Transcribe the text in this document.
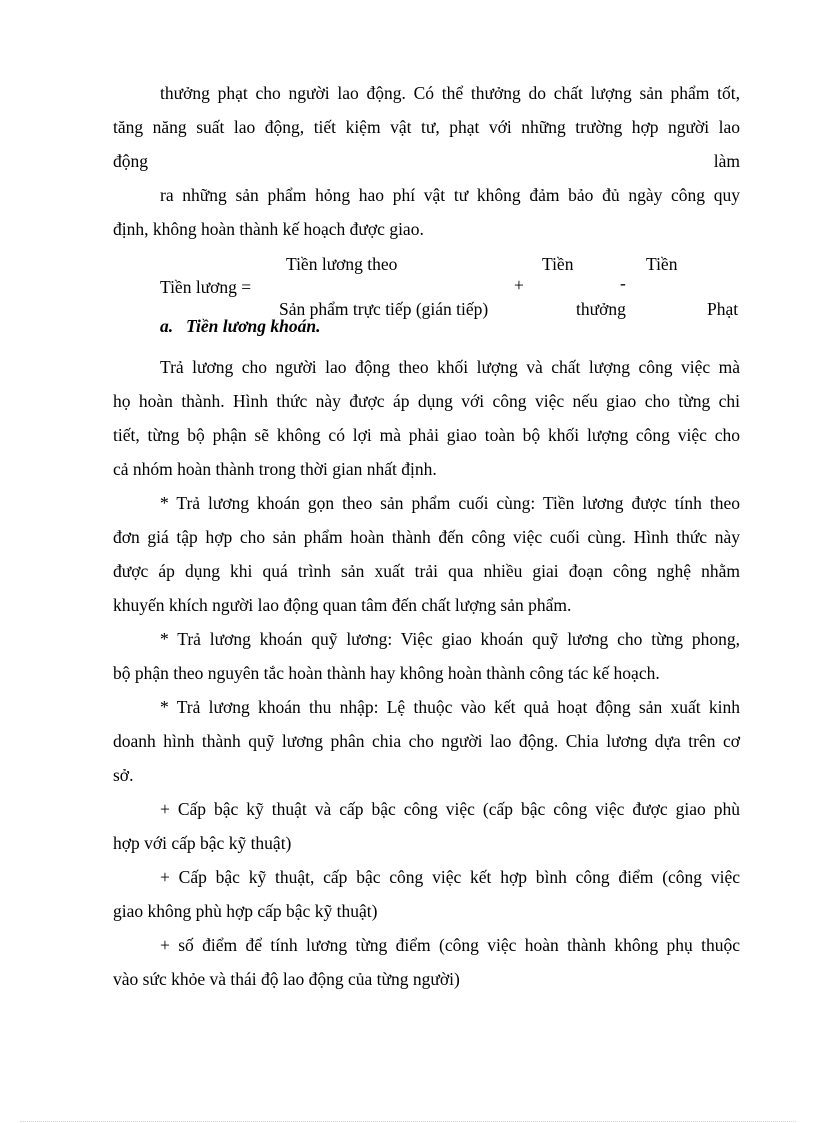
thưởng phạt cho người lao động. Có thể thưởng do chất lượng sản phẩm tốt,
tăng năng suất lao động, tiết kiệm vật tư, phạt với những trường hợp người lao
động	làm
ra những sản phẩm hỏng hao phí vật tư không đảm bảo đủ ngày công quy
định, không hoàn thành kế hoạch được giao.
Tiền lương theo	Tiền	Tiền
Tiền lương =	+	-
Sản phẩm trực tiếp (gián tiếp)	thưởng	Phạt
a. Tiền lương khoán.
Trả lương cho người lao động theo khối lượng và chất lượng công việc mà
họ hoàn thành. Hình thức này được áp dụng với công việc nếu giao cho từng chi
tiết, từng bộ phận sẽ không có lợi mà phải giao toàn bộ khối lượng công việc cho
cả nhóm hoàn thành trong thời gian nhất định.
* Trả lương khoán gọn theo sản phẩm cuối cùng: Tiền lương được tính theo
đơn giá tập hợp cho sản phẩm hoàn thành đến công việc cuối cùng. Hình thức này
được áp dụng khi quá trình sản xuất trải qua nhiều giai đoạn công nghệ nhằm
khuyến khích người lao động quan tâm đến chất lượng sản phẩm.
* Trả lương khoán quỹ lương: Việc giao khoán quỹ lương cho từng phong,
bộ phận theo nguyên tắc hoàn thành hay không hoàn thành công tác kế hoạch.
* Trả lương khoán thu nhập: Lệ thuộc vào kết quả hoạt động sản xuất kinh
doanh hình thành quỹ lương phân chia cho người lao động. Chia lương dựa trên cơ
sở.
+ Cấp bậc kỹ thuật và cấp bậc công việc (cấp bậc công việc được giao phù
hợp với cấp bậc kỹ thuật)
+ Cấp bậc kỹ thuật, cấp bậc công việc kết hợp bình công điểm (công việc
giao không phù hợp cấp bậc kỹ thuật)
+ số điểm để tính lương từng điểm (công việc hoàn thành không phụ thuộc
vào sức khỏe và thái độ lao động của từng người)
